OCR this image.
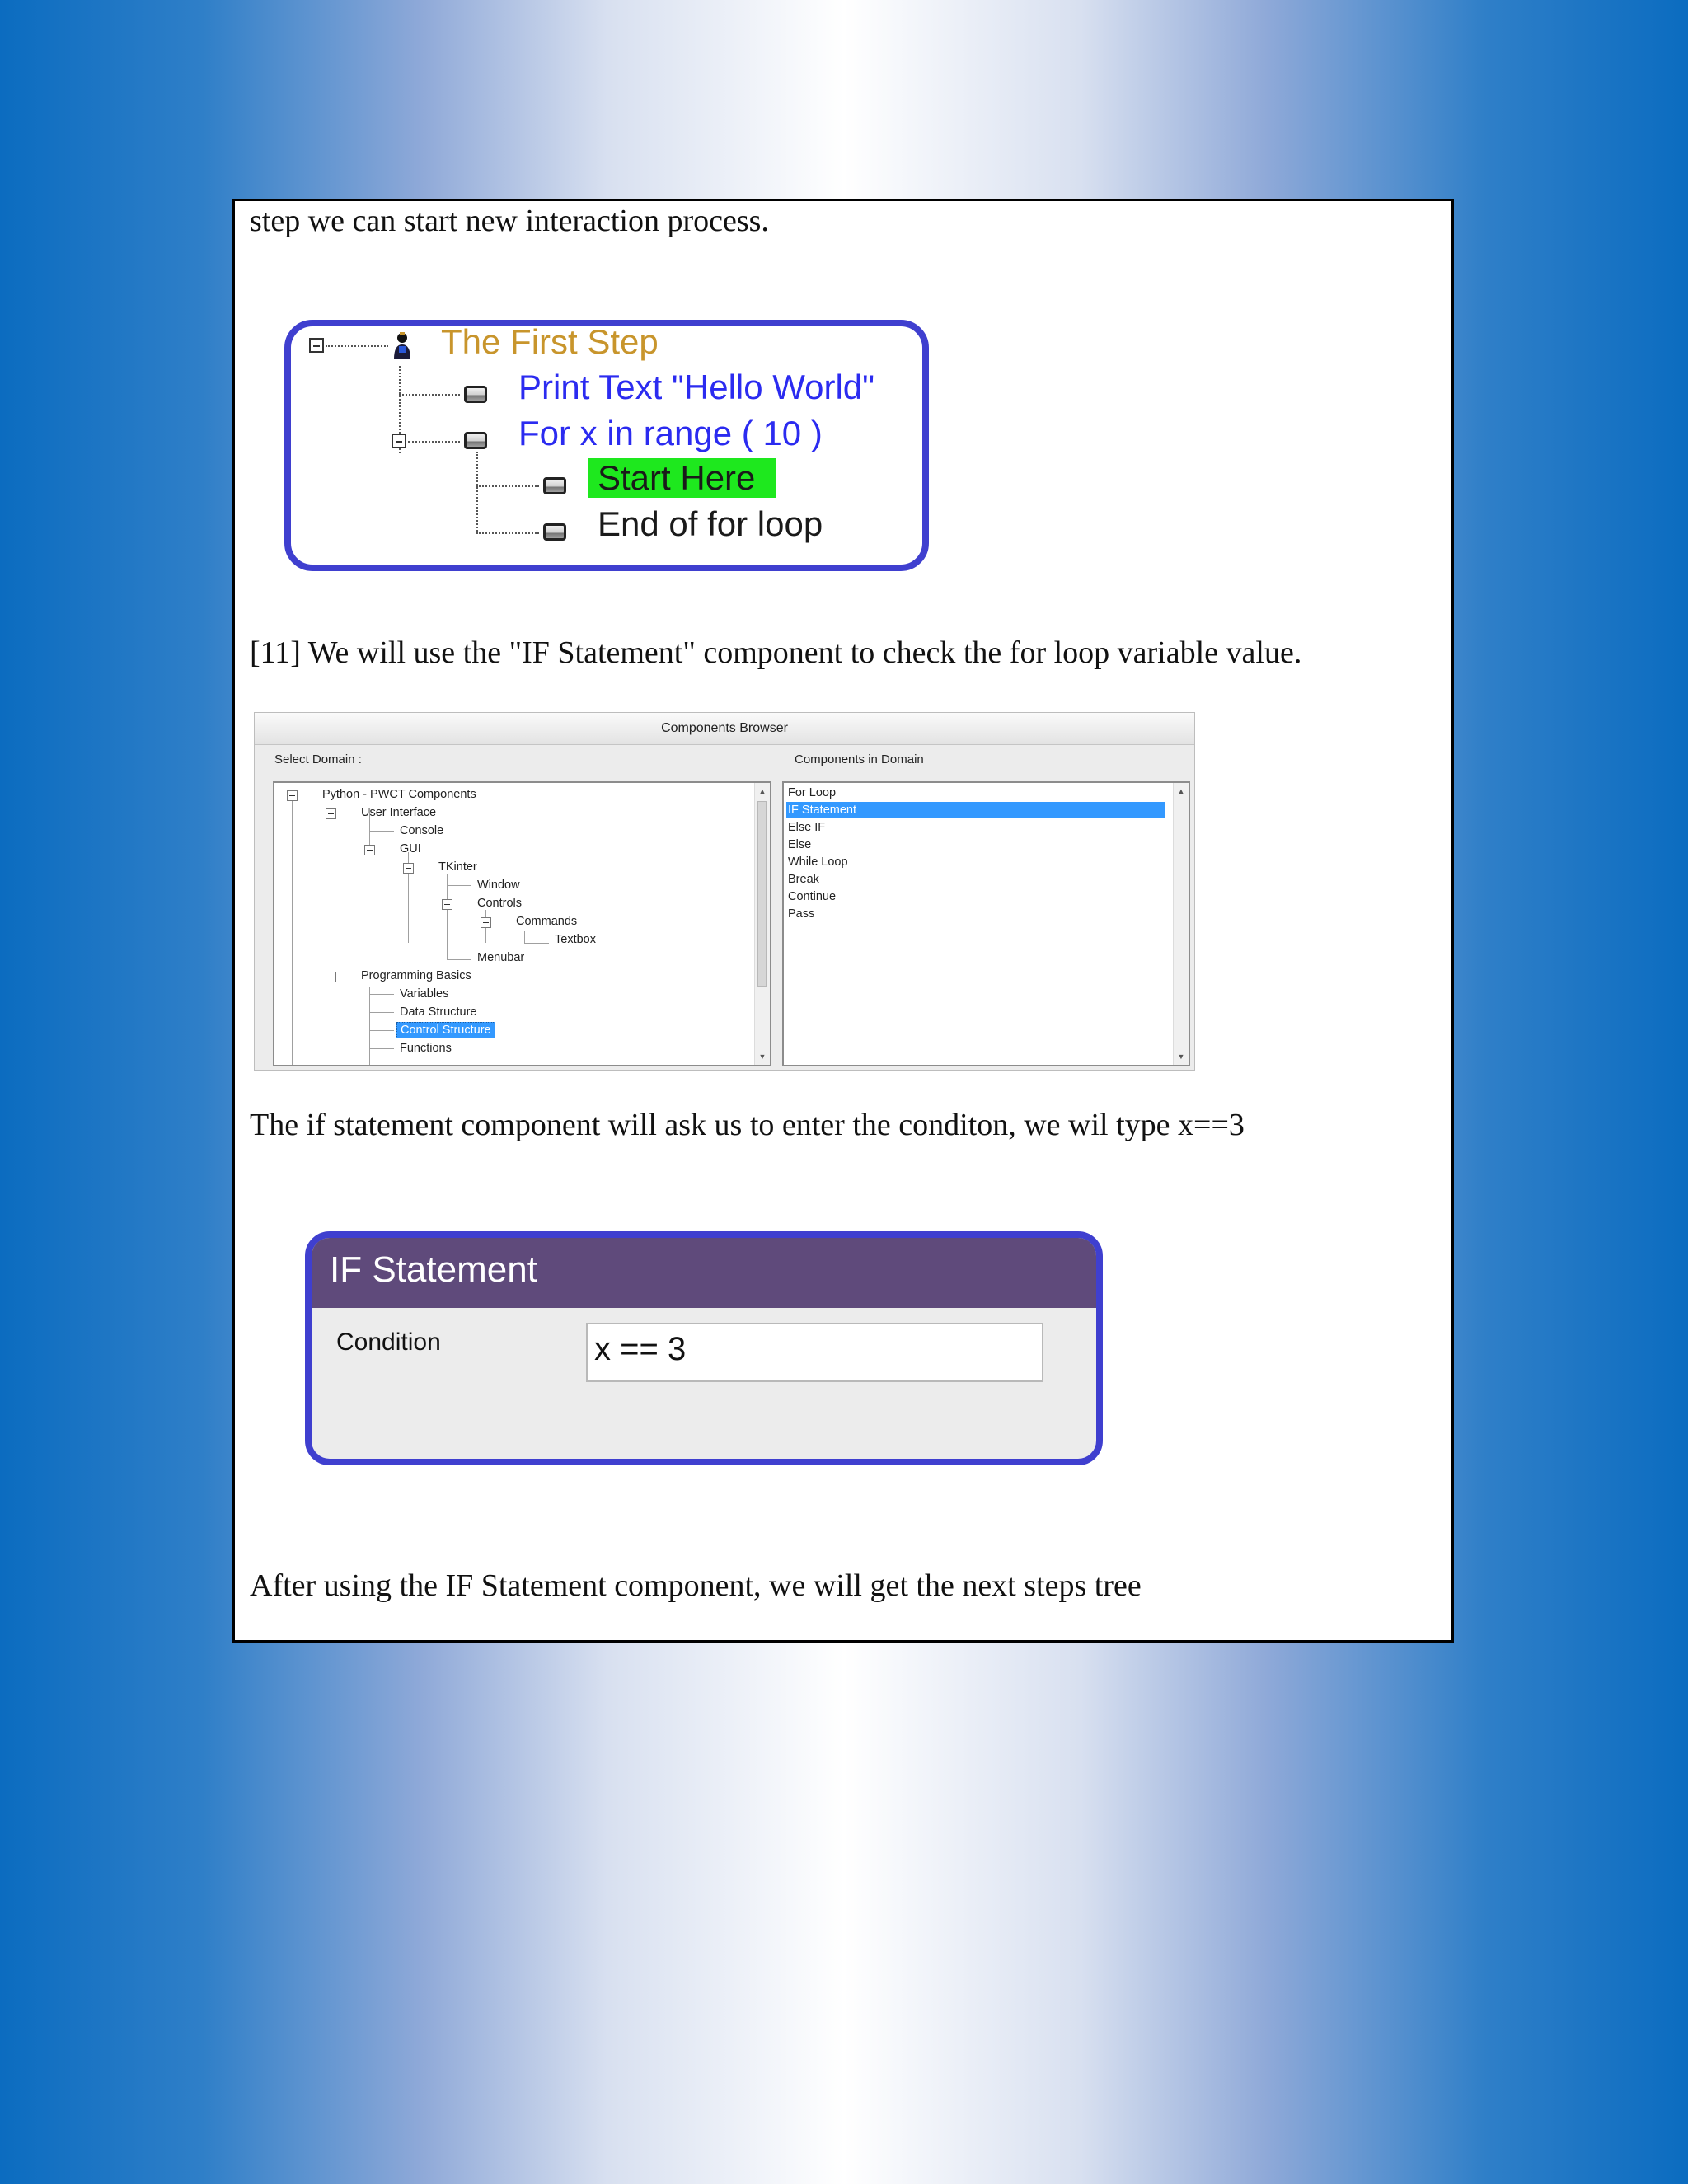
step we can start new interaction process.

The First Step
Print Text "Hello World"
For x in range ( 10 )
Start Here
End of for loop

[11] We will use the "IF Statement" component to check the for loop variable value.

Components Browser
Select Domain :	Components in Domain
Python - PWCT Components
User Interface
Console
GUI
TKinter
Window
Controls
Commands
Textbox
Menubar
Programming Basics
Variables
Data Structure
Control Structure
Functions
▲
▼
For Loop
IF Statement
Else IF
Else
While Loop
Break
Continue
Pass
▲
▼

The if statement component will ask us to enter the conditon, we wil type x==3

IF Statement
Condition	x == 3

After using the IF Statement component, we will get the next steps tree
